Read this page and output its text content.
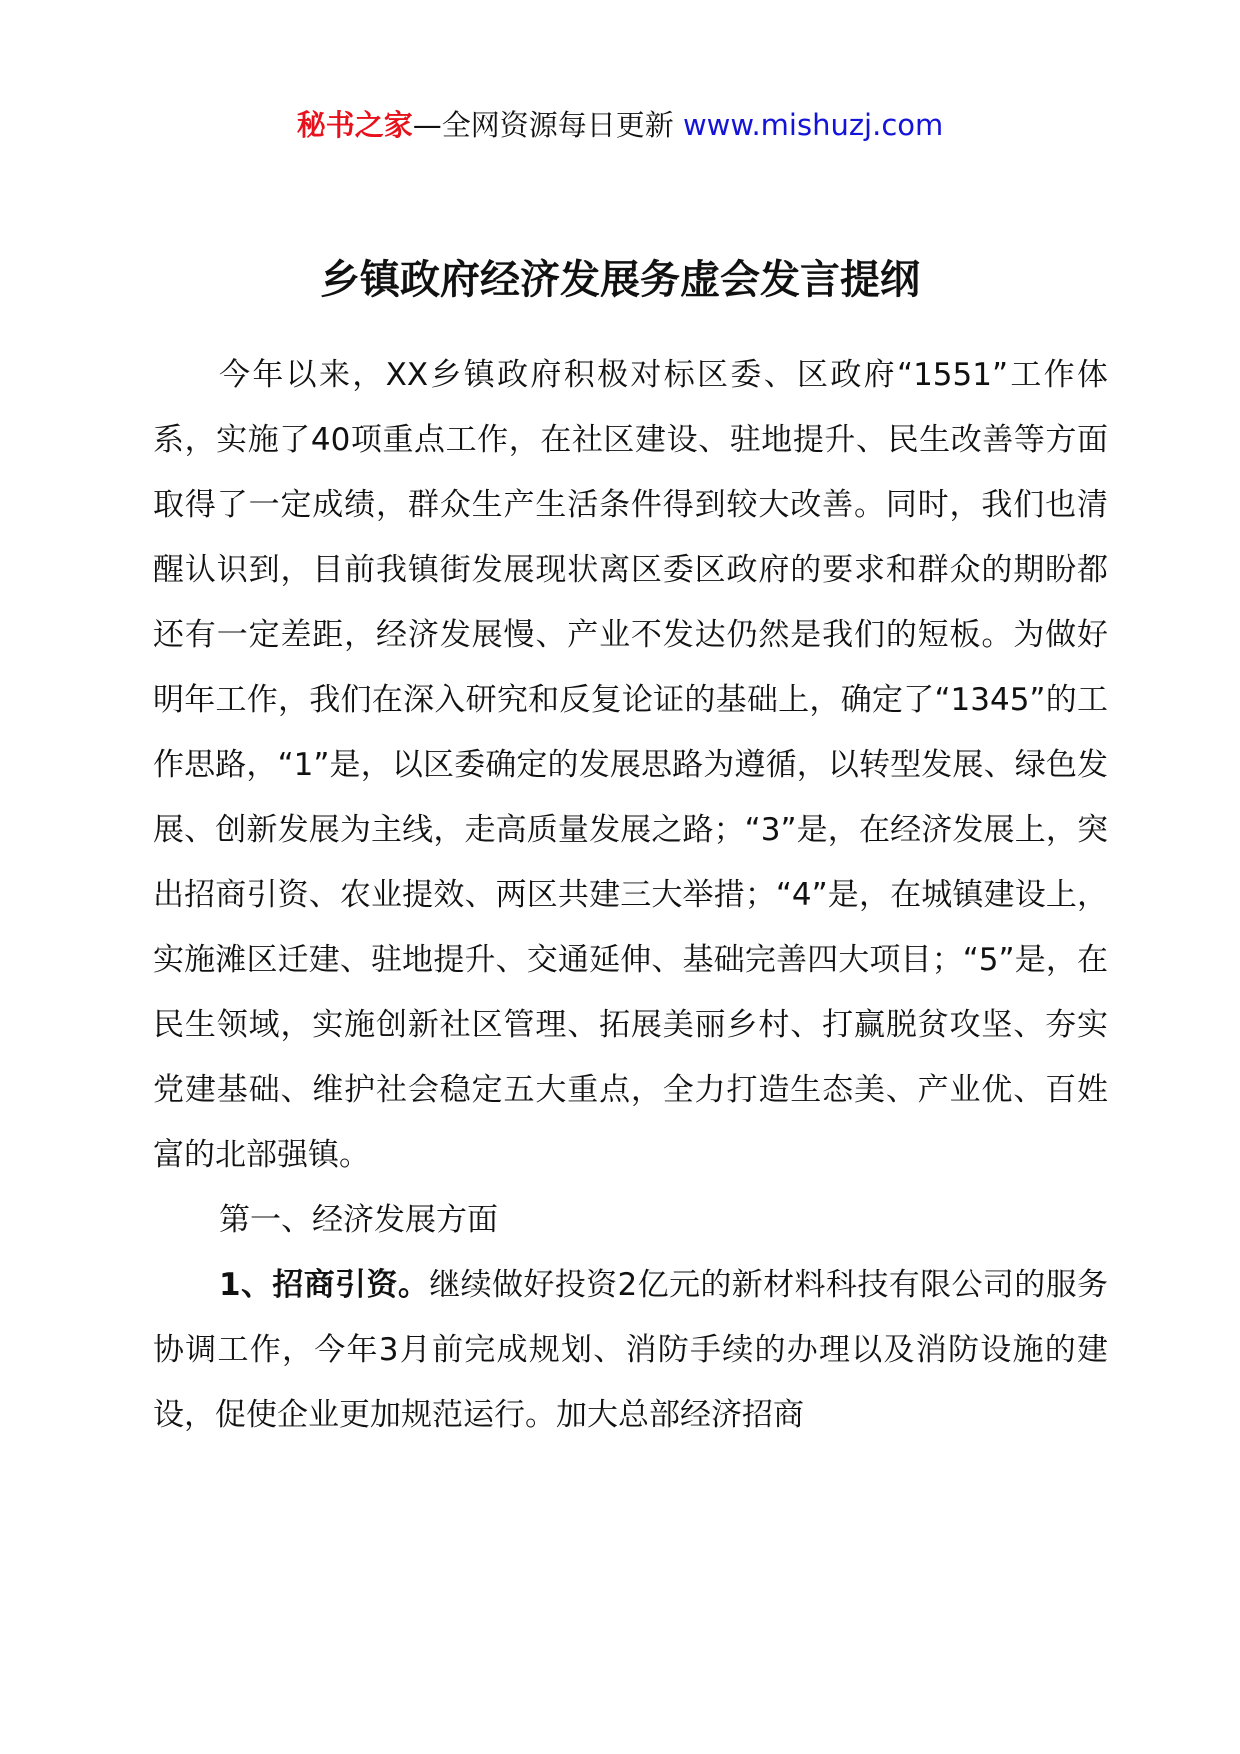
秘书之家—全网资源每日更新 www.mishuzj.com
乡镇政府经济发展务虚会发言提纲

今年以来，XX乡镇政府积极对标区委、区政府“1551”工作体系，实施了40项重点工作，在社区建设、驻地提升、民生改善等方面取得了一定成绩，群众生产生活条件得到较大改善。同时，我们也清醒认识到，目前我镇街发展现状离区委区政府的要求和群众的期盼都还有一定差距，经济发展慢、产业不发达仍然是我们的短板。为做好明年工作，我们在深入研究和反复论证的基础上，确定了“1345”的工作思路，“1”是，以区委确定的发展思路为遵循，以转型发展、绿色发展、创新发展为主线，走高质量发展之路；“3”是，在经济发展上，突出招商引资、农业提效、两区共建三大举措；“4”是，在城镇建设上，实施滩区迁建、驻地提升、交通延伸、基础完善四大项目；“5”是，在民生领域，实施创新社区管理、拓展美丽乡村、打赢脱贫攻坚、夯实党建基础、维护社会稳定五大重点，全力打造生态美、产业优、百姓富的北部强镇。

第一、经济发展方面

1、招商引资。继续做好投资2亿元的新材料科技有限公司的服务协调工作，今年3月前完成规划、消防手续的办理以及消防设施的建设，促使企业更加规范运行。加大总部经济招商
